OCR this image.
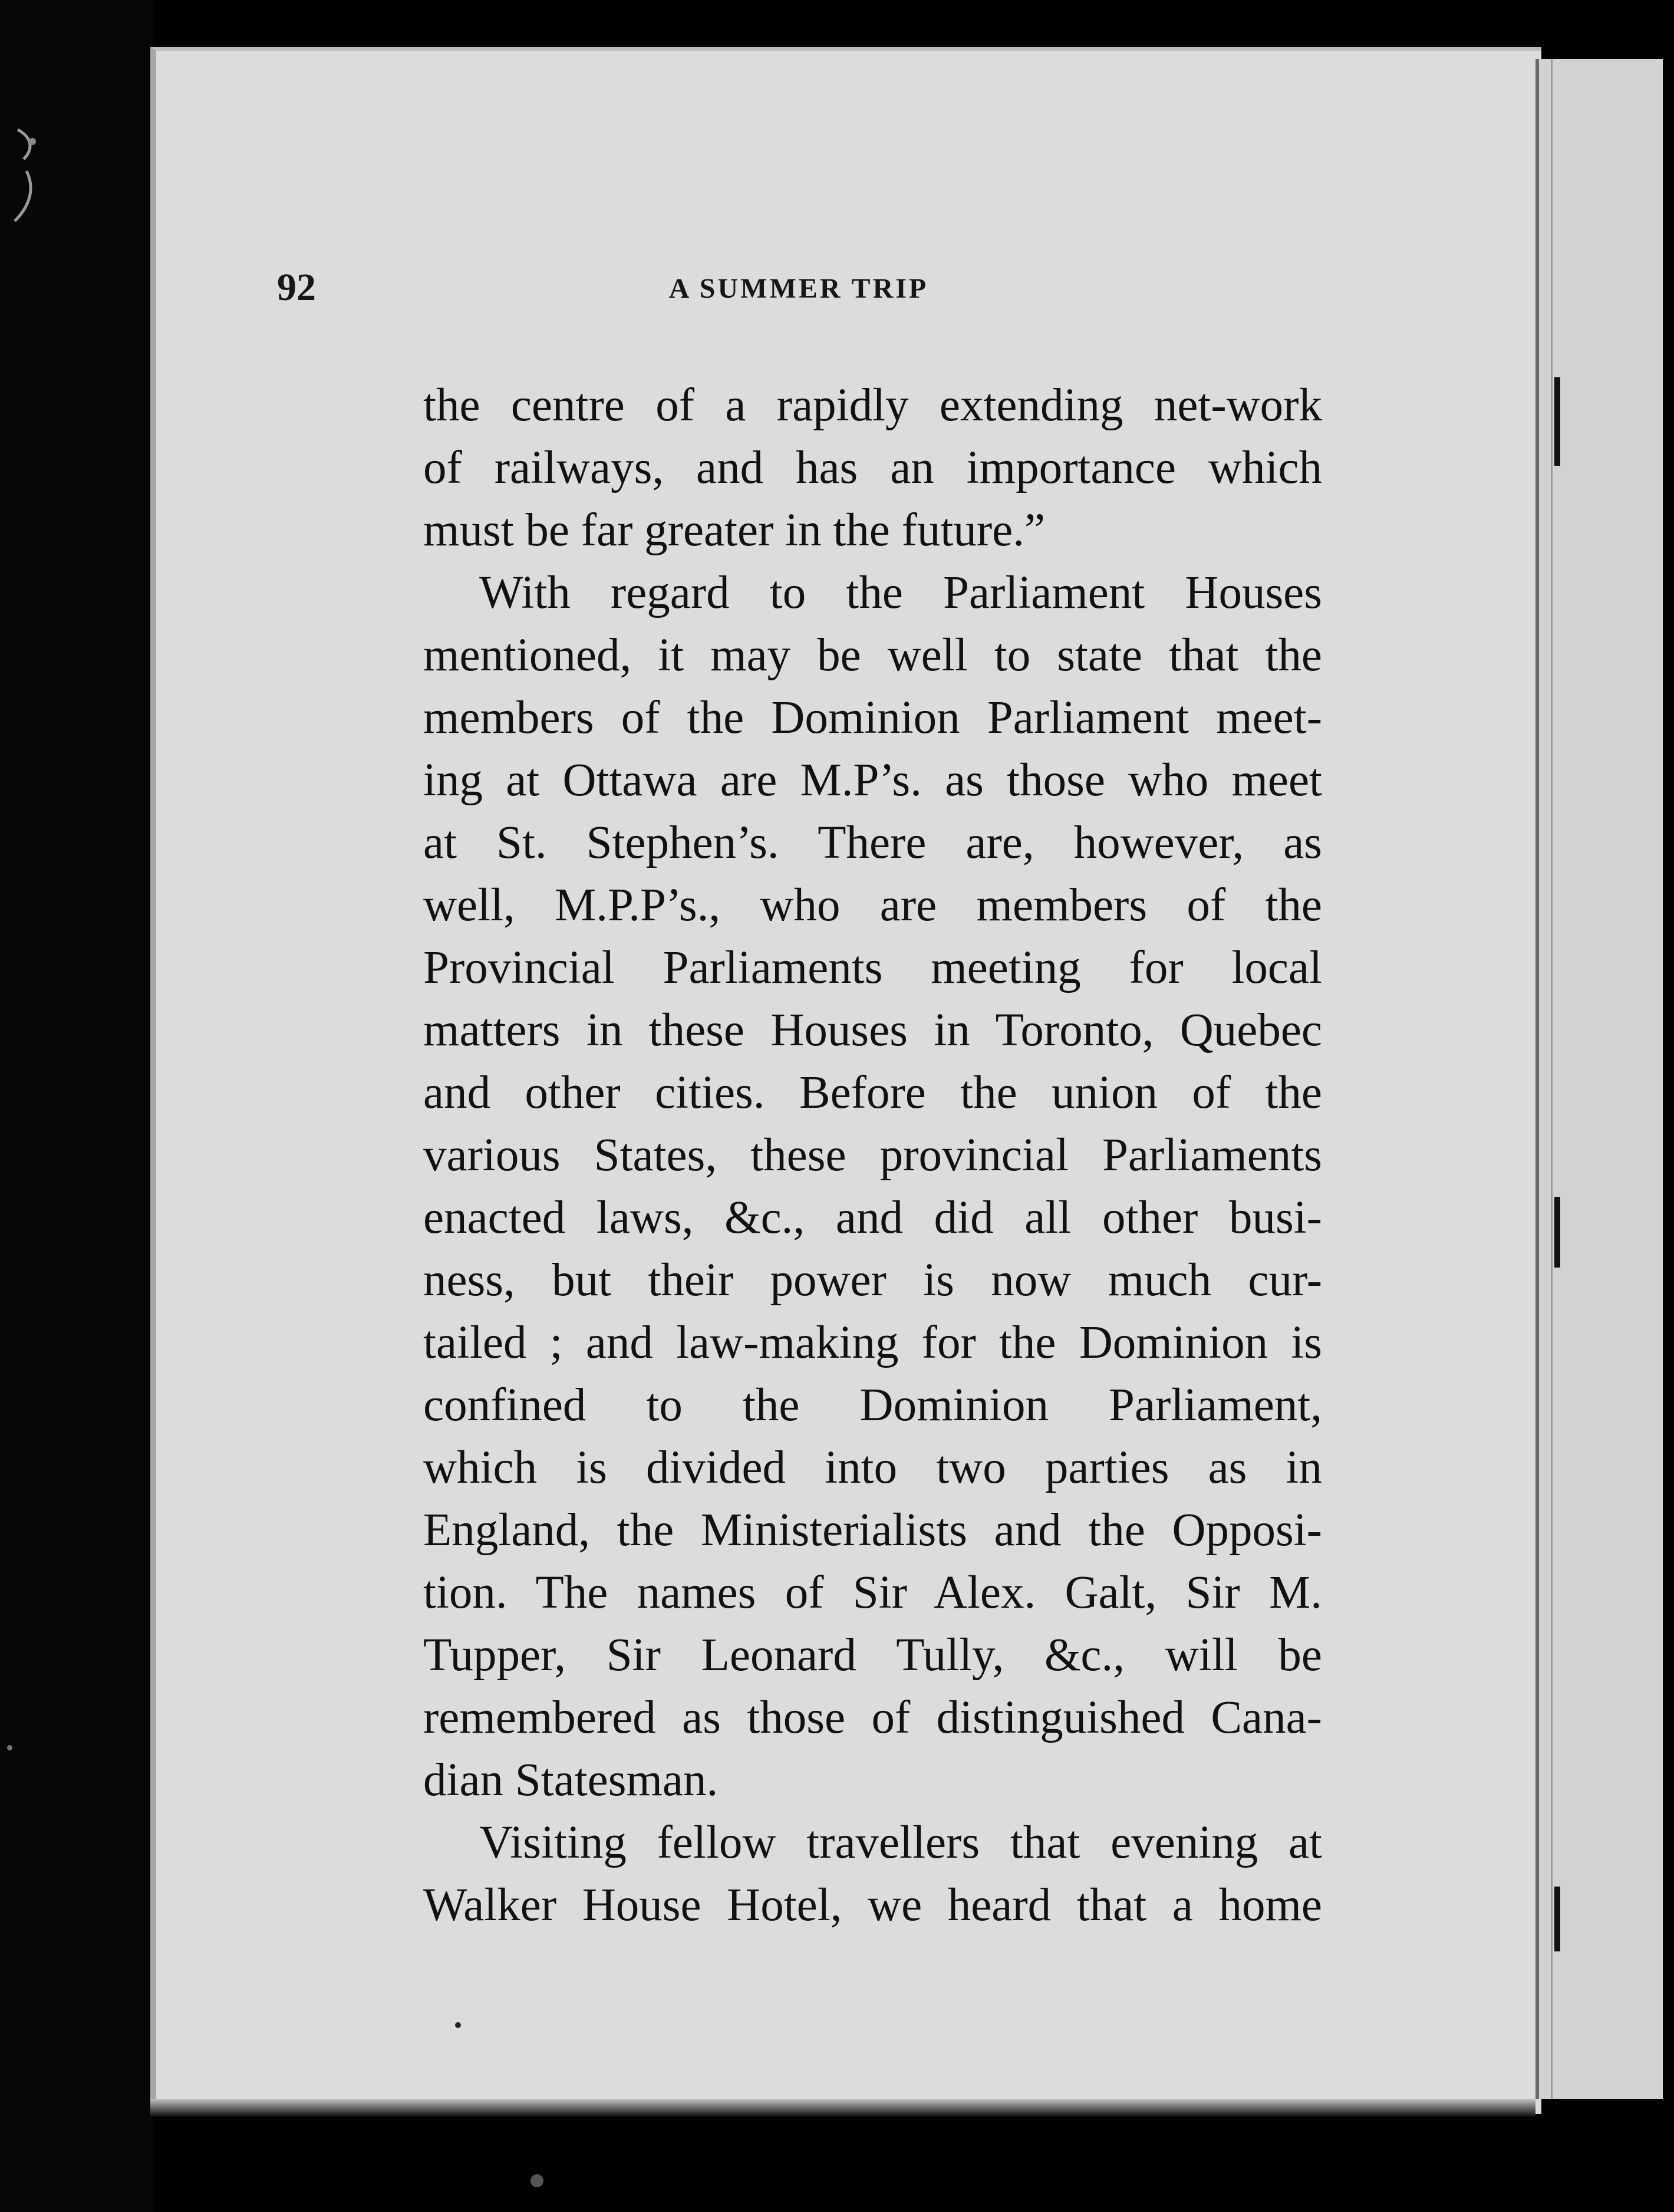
92	A SUMMER TRIP
the centre of a rapidly extending net-work
of railways, and has an importance which
must be far greater in the future.”
With regard to the Parliament Houses
mentioned, it may be well to state that the
members of the Dominion Parliament meet-
ing at Ottawa are M.P’s. as those who meet
at St. Stephen’s. There are, however, as
well, M.P.P’s., who are members of the
Provincial Parliaments meeting for local
matters in these Houses in Toronto, Quebec
and other cities. Before the union of the
various States, these provincial Parliaments
enacted laws, &c., and did all other busi-
ness, but their power is now much cur-
tailed ; and law-making for the Dominion is
confined to the Dominion Parliament,
which is divided into two parties as in
England, the Ministerialists and the Opposi-
tion. The names of Sir Alex. Galt, Sir M.
Tupper, Sir Leonard Tully, &c., will be
remembered as those of distinguished Cana-
dian Statesman.
Visiting fellow travellers that evening at
Walker House Hotel, we heard that a home
